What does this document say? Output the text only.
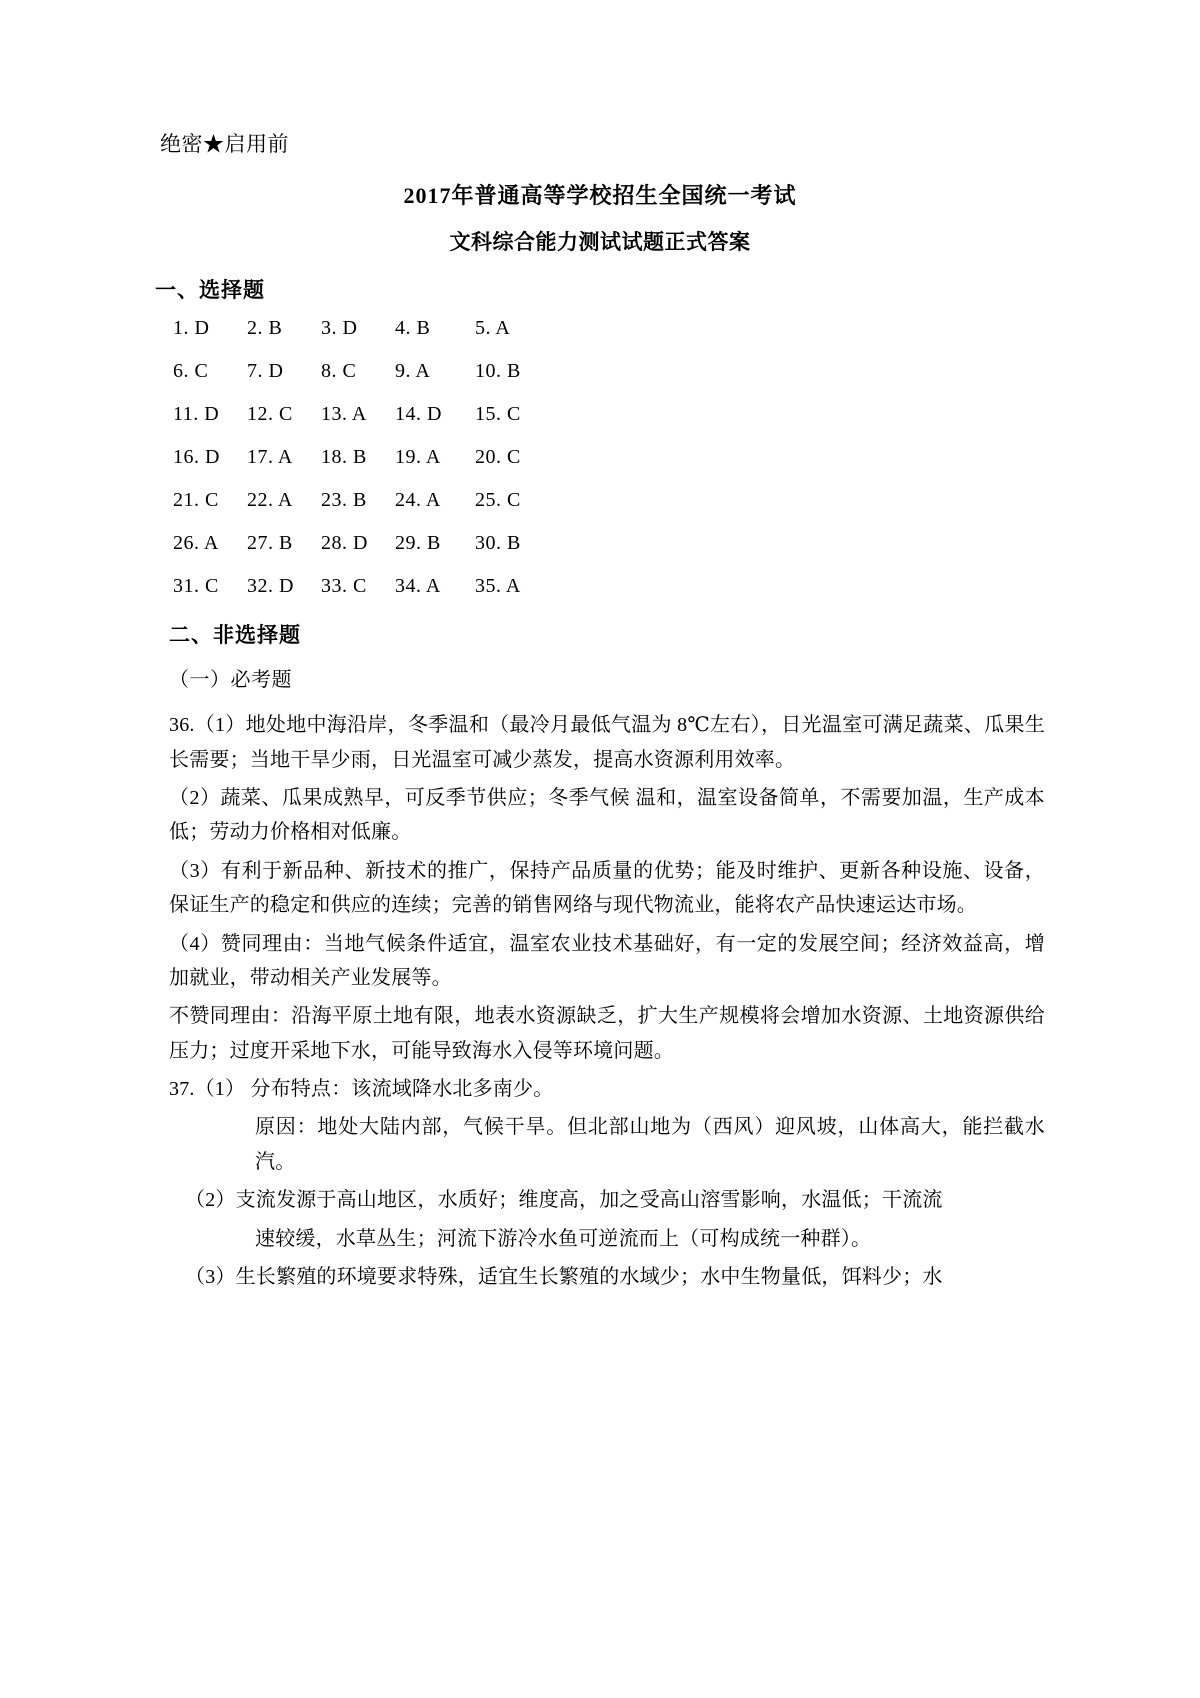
绝密★启用前
2017年普通高等学校招生全国统一考试
文科综合能力测试试题正式答案
一、选择题
1. D	2. B	3. D	4. B	5. A
6. C	7. D	8. C	9. A	10. B
11. D	12. C	13. A	14. D	15. C
16. D	17. A	18. B	19. A	20. C
21. C	22. A	23. B	24. A	25. C
26. A	27. B	28. D	29. B	30. B
31. C	32. D	33. C	34. A	35. A
二、非选择题
（一）必考题

36.（1）地处地中海沿岸，冬季温和（最冷月最低气温为 8℃左右），日光温室可满足蔬菜、瓜果生长需要；当地干旱少雨，日光温室可减少蒸发，提高水资源利用效率。

（2）蔬菜、瓜果成熟早，可反季节供应；冬季气候 温和，温室设备简单，不需要加温，生产成本低；劳动力价格相对低廉。

（3）有利于新品种、新技术的推广，保持产品质量的优势；能及时维护、更新各种设施、设备，保证生产的稳定和供应的连续；完善的销售网络与现代物流业，能将农产品快速运达市场。

（4）赞同理由：当地气候条件适宜，温室农业技术基础好，有一定的发展空间；经济效益高，增加就业，带动相关产业发展等。

不赞同理由：沿海平原土地有限，地表水资源缺乏，扩大生产规模将会增加水资源、土地资源供给压力；过度开采地下水，可能导致海水入侵等环境问题。

37.（1） 分布特点：该流域降水北多南少。

原因：地处大陆内部，气候干旱。但北部山地为（西风）迎风坡，山体高大，能拦截水汽。

（2）支流发源于高山地区，水质好；维度高，加之受高山溶雪影响，水温低；干流流

速较缓，水草丛生；河流下游冷水鱼可逆流而上（可构成统一种群）。

（3）生长繁殖的环境要求特殊，适宜生长繁殖的水域少；水中生物量低，饵料少；水
